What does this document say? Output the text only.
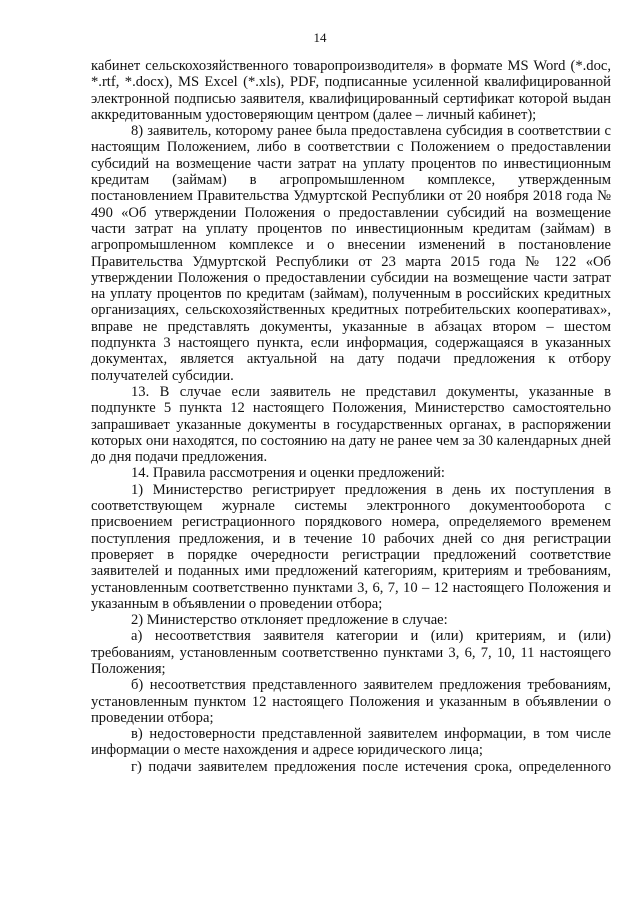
14

кабинет сельскохозяйственного товаропроизводителя» в формате MS Word (*.doc, *.rtf, *.docx), MS Excel (*.xls), PDF, подписанные усиленной квалифицированной электронной подписью заявителя, квалифицированный сертификат которой выдан аккредитованным удостоверяющим центром (далее – личный кабинет);

8) заявитель, которому ранее была предоставлена субсидия в соответствии с настоящим Положением, либо в соответствии с Положением о предоставлении субсидий на возмещение части затрат на уплату процентов по инвестиционным кредитам (займам) в агропромышленном комплексе, утвержденным постановлением Правительства Удмуртской Республики от 20 ноября 2018 года № 490 «Об утверждении Положения о предоставлении субсидий на возмещение части затрат на уплату процентов по инвестиционным кредитам (займам) в агропромышленном комплексе и о внесении изменений в постановление Правительства Удмуртской Республики от 23 марта 2015 года № 122 «Об утверждении Положения о предоставлении субсидии на возмещение части затрат на уплату процентов по кредитам (займам), полученным в российских кредитных организациях, сельскохозяйственных кредитных потребительских кооперативах», вправе не представлять документы, указанные в абзацах втором – шестом подпункта 3 настоящего пункта, если информация, содержащаяся в указанных документах, является актуальной на дату подачи предложения к отбору получателей субсидии.

13. В случае если заявитель не представил документы, указанные в подпункте 5 пункта 12 настоящего Положения, Министерство самостоятельно запрашивает указанные документы в государственных органах, в распоряжении которых они находятся, по состоянию на дату не ранее чем за 30 календарных дней до дня подачи предложения.

14. Правила рассмотрения и оценки предложений:

1) Министерство регистрирует предложения в день их поступления в соответствующем журнале системы электронного документооборота с присвоением регистрационного порядкового номера, определяемого временем поступления предложения, и в течение 10 рабочих дней со дня регистрации проверяет в порядке очередности регистрации предложений соответствие заявителей и поданных ими предложений категориям, критериям и требованиям, установленным соответственно пунктами 3, 6, 7, 10 – 12 настоящего Положения и указанным в объявлении о проведении отбора;

2) Министерство отклоняет предложение в случае:

а) несоответствия заявителя категории и (или) критериям, и (или) требованиям, установленным соответственно пунктами 3, 6, 7, 10, 11 настоящего Положения;

б) несоответствия представленного заявителем предложения требованиям, установленным пунктом 12 настоящего Положения и указанным в объявлении о проведении отбора;

в) недостоверности представленной заявителем информации, в том числе информации о месте нахождения и адресе юридического лица;

г) подачи заявителем предложения после истечения срока, определенного
